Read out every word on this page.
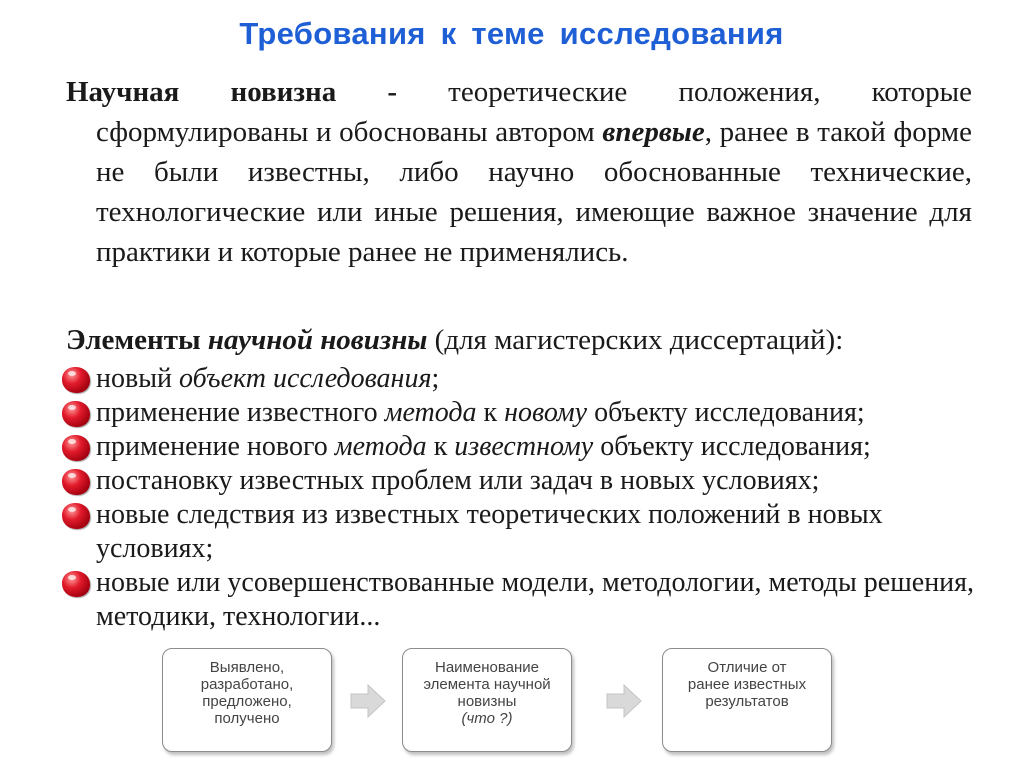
Требования к теме исследования
Научная новизна - теоретические положения, которые сформулированы и обоснованы автором впервые, ранее в такой форме не были известны, либо научно обоснованные технические, технологические или иные решения, имеющие важное значение для практики и которые ранее не применялись.
Элементы научной новизны (для магистерских диссертаций):
новый объект исследования;
применение известного метода к новому объекту исследования;
применение нового метода к известному объекту исследования;
постановку известных проблем или задач в новых условиях;
новые следствия из известных теоретических положений в новых условиях;
новые или усовершенствованные модели, методологии, методы решения, методики, технологии...
Выявлено,
разработано,
предложено,
получено
Наименование
элемента научной
новизны
(что ?)
Отличие от
ранее известных
результатов
